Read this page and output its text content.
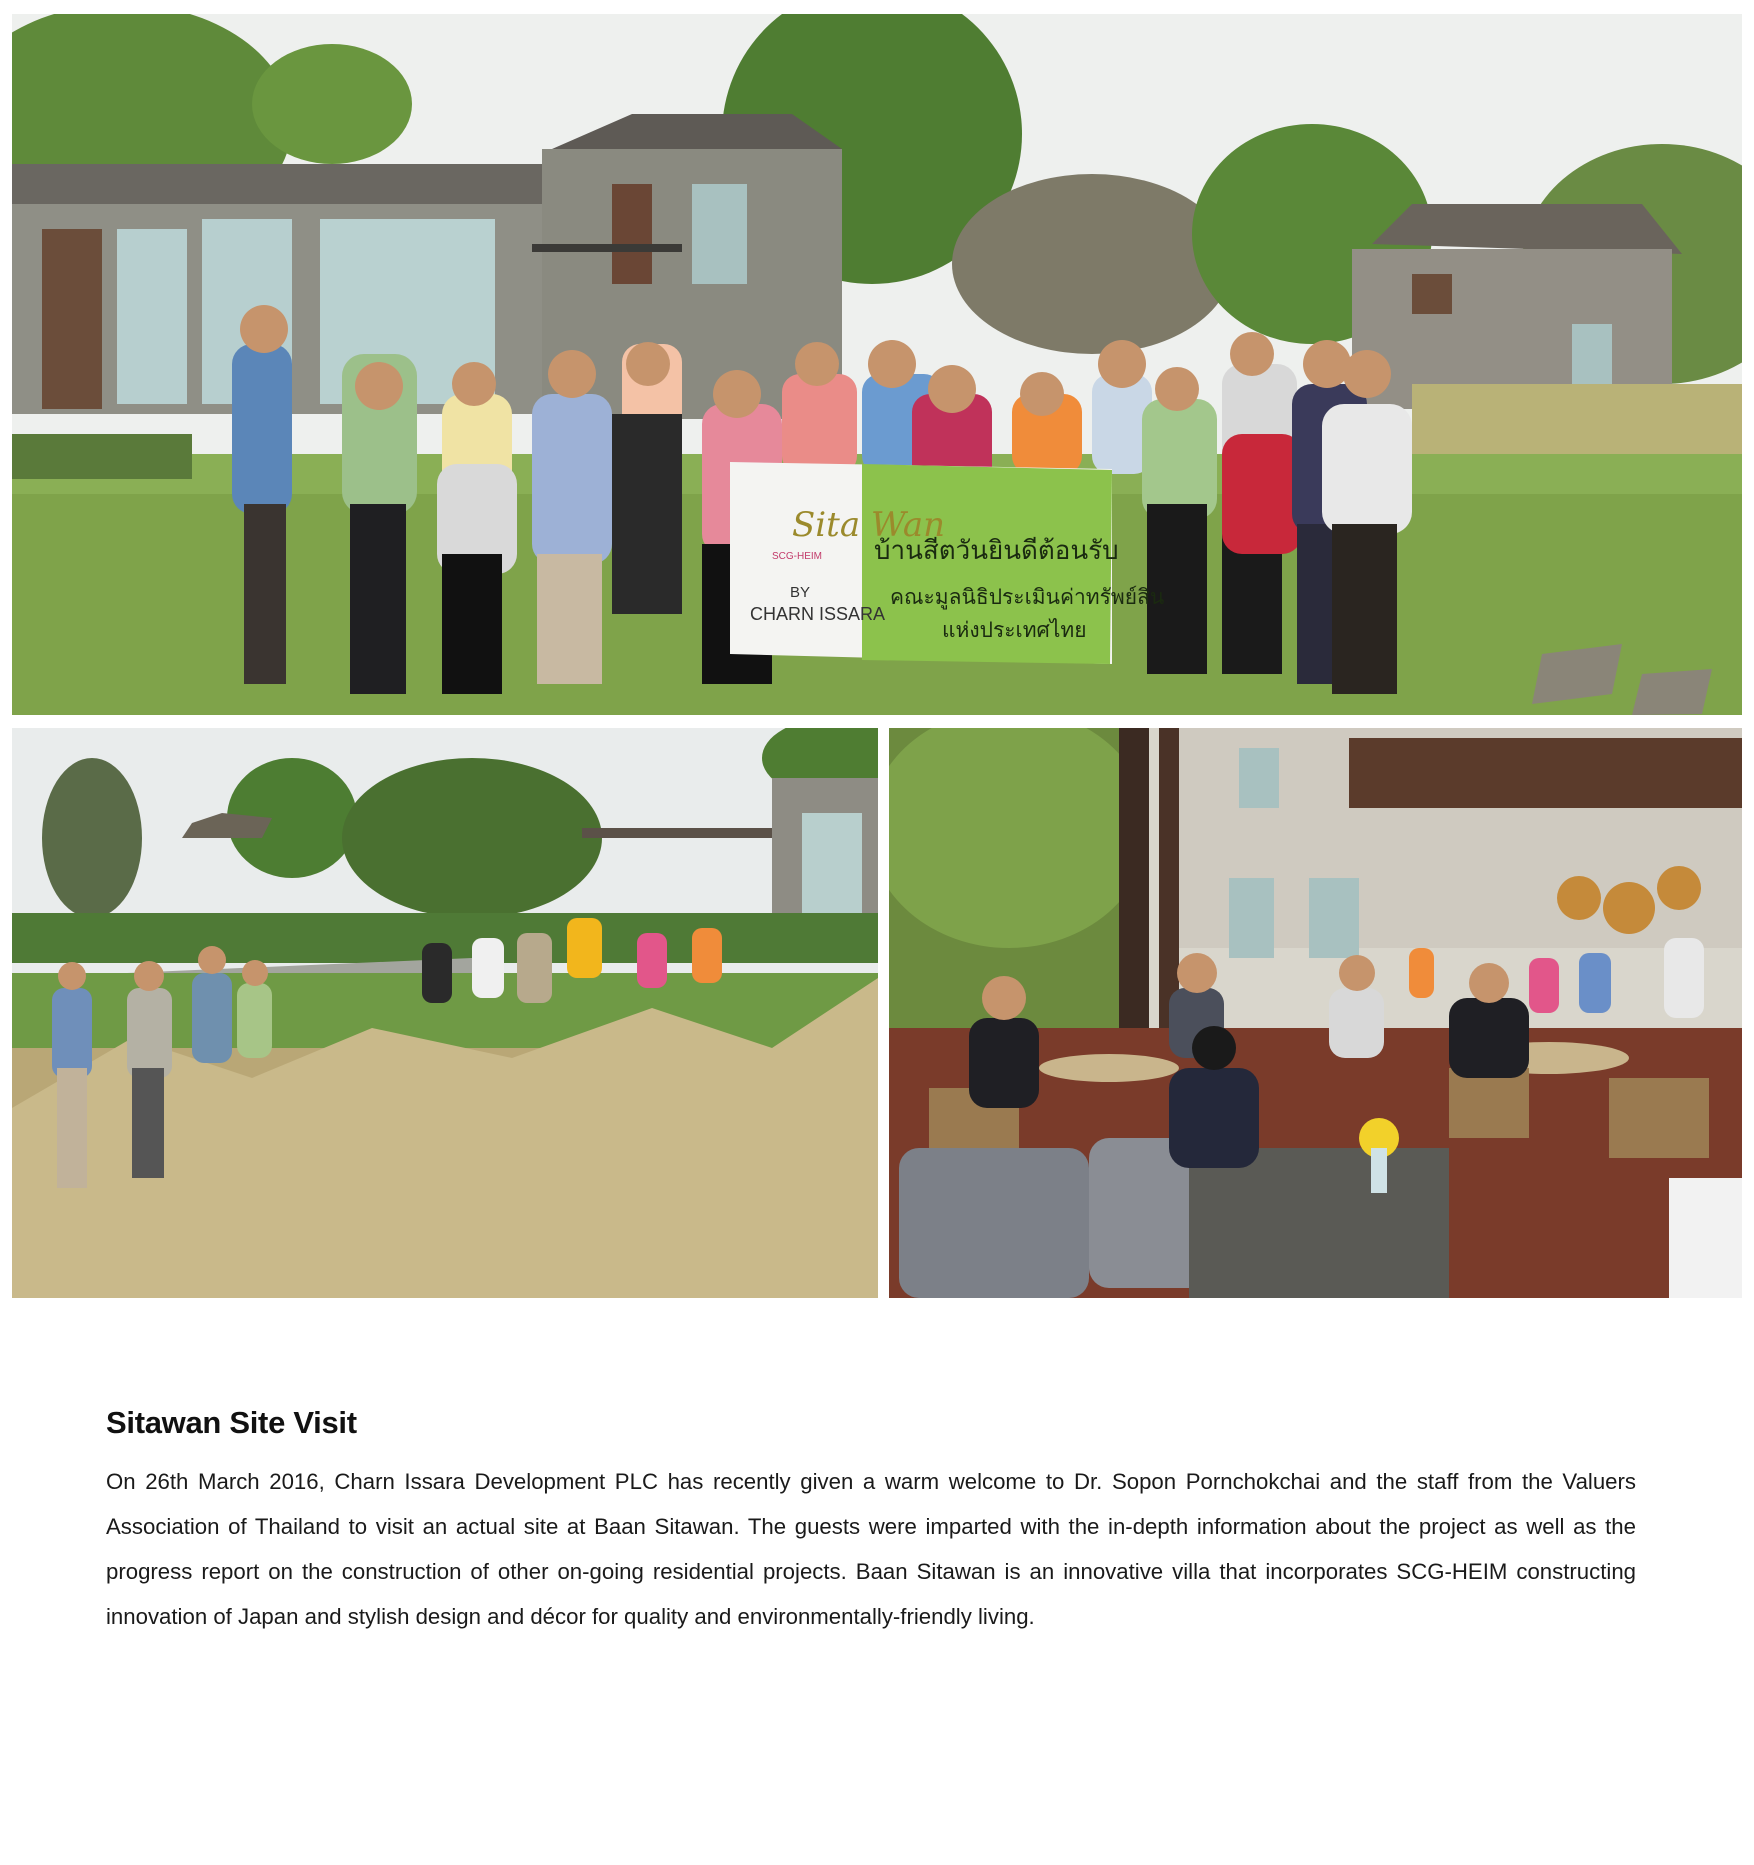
Sita Wan
SCG-HEIM
BY
CHARN ISSARA
บ้านสีตวันยินดีต้อนรับ
คณะมูลนิธิประเมินค่าทรัพย์สิน
แห่งประเทศไทย
Sitawan Site Visit

On 26th March 2016, Charn Issara Development PLC has recently given a warm welcome to Dr. Sopon Pornchokchai and the staff from the Valuers Association of Thailand to visit an actual site at Baan Sitawan. The guests were imparted with the in-depth information about the project as well as the progress report on the construction of other on-going residential projects. Baan Sitawan is an innovative villa that incorporates SCG-HEIM constructing innovation of Japan and stylish design and décor for quality and environmentally-friendly living.
